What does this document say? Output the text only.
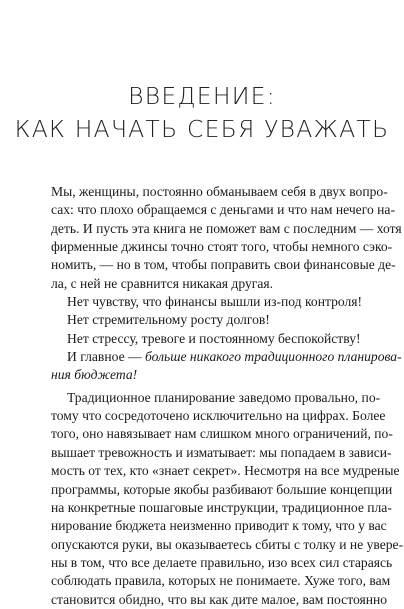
ВВЕДЕНИЕ:
КАК НАЧАТЬ СЕБЯ УВАЖАТЬ
Мы, женщины, постоянно обманываем себя в двух вопро-
сах: что плохо обращаемся с деньгами и что нам нечего на-
деть. И пусть эта книга не поможет вам с последним — хотя
фирменные джинсы точно стоят того, чтобы немного сэко-
номить, — но в том, чтобы поправить свои финансовые де-
ла, с ней не сравнится никакая другая.
Нет чувству, что финансы вышли из-под контроля!
Нет стремительному росту долгов!
Нет стрессу, тревоге и постоянному беспокойству!
И главное — больше никакого традиционного планирова-
ния бюджета!
Традиционное планирование заведомо провально, по-
тому что сосредоточено исключительно на цифрах. Более
того, оно навязывает нам слишком много ограничений, по-
вышает тревожность и изматывает: мы попадаем в зависи-
мость от тех, кто «знает секрет». Несмотря на все мудреные
программы, которые якобы разбивают большие концепции
на конкретные пошаговые инструкции, традиционное пла-
нирование бюджета неизменно приводит к тому, что у вас
опускаются руки, вы оказываетесь сбиты с толку и не уверe-
ны в том, что все делаете правильно, изо всех сил стараясь
соблюдать правила, которых не понимаете. Хуже того, вам
становится обидно, что вы как дите малое, вам постоянно
